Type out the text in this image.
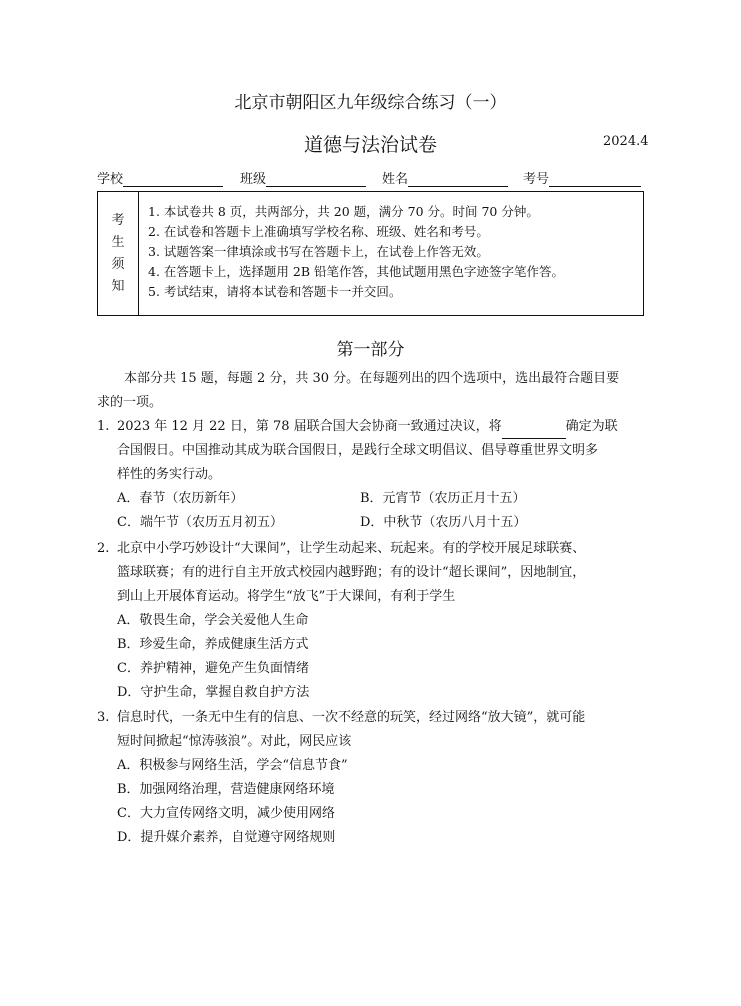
北京市朝阳区九年级综合练习（一）
道德与法治试卷	2024.4
学校	班级	姓名	考号
考
生
须
知
1. 本试卷共 8 页，共两部分，共 20 题，满分 70 分。时间 70 分钟。
2. 在试卷和答题卡上准确填写学校名称、班级、姓名和考号。
3. 试题答案一律填涂或书写在答题卡上，在试卷上作答无效。
4. 在答题卡上，选择题用 2B 铅笔作答，其他试题用黑色字迹签字笔作答。
5. 考试结束，请将本试卷和答题卡一并交回。
第一部分
本部分共 15 题，每题 2 分，共 30 分。在每题列出的四个选项中，选出最符合题目要
求的一项。
1. 2023 年 12 月 22 日，第 78 届联合国大会协商一致通过决议，将	确定为联
合国假日。中国推动其成为联合国假日，是践行全球文明倡议、倡导尊重世界文明多
样性的务实行动。
A．春节（农历新年）	B．元宵节（农历正月十五）
C．端午节（农历五月初五）	D．中秋节（农历八月十五）
2. 北京中小学巧妙设计“大课间”，让学生动起来、玩起来。有的学校开展足球联赛、
篮球联赛；有的进行自主开放式校园内越野跑；有的设计“超长课间”，因地制宜，
到山上开展体育运动。将学生“放飞”于大课间，有利于学生
A．敬畏生命，学会关爱他人生命
B．珍爱生命，养成健康生活方式
C．养护精神，避免产生负面情绪
D．守护生命，掌握自救自护方法
3. 信息时代，一条无中生有的信息、一次不经意的玩笑，经过网络“放大镜”，就可能
短时间掀起“惊涛骇浪”。对此，网民应该
A．积极参与网络生活，学会“信息节食”
B．加强网络治理，营造健康网络环境
C．大力宣传网络文明，减少使用网络
D．提升媒介素养，自觉遵守网络规则
